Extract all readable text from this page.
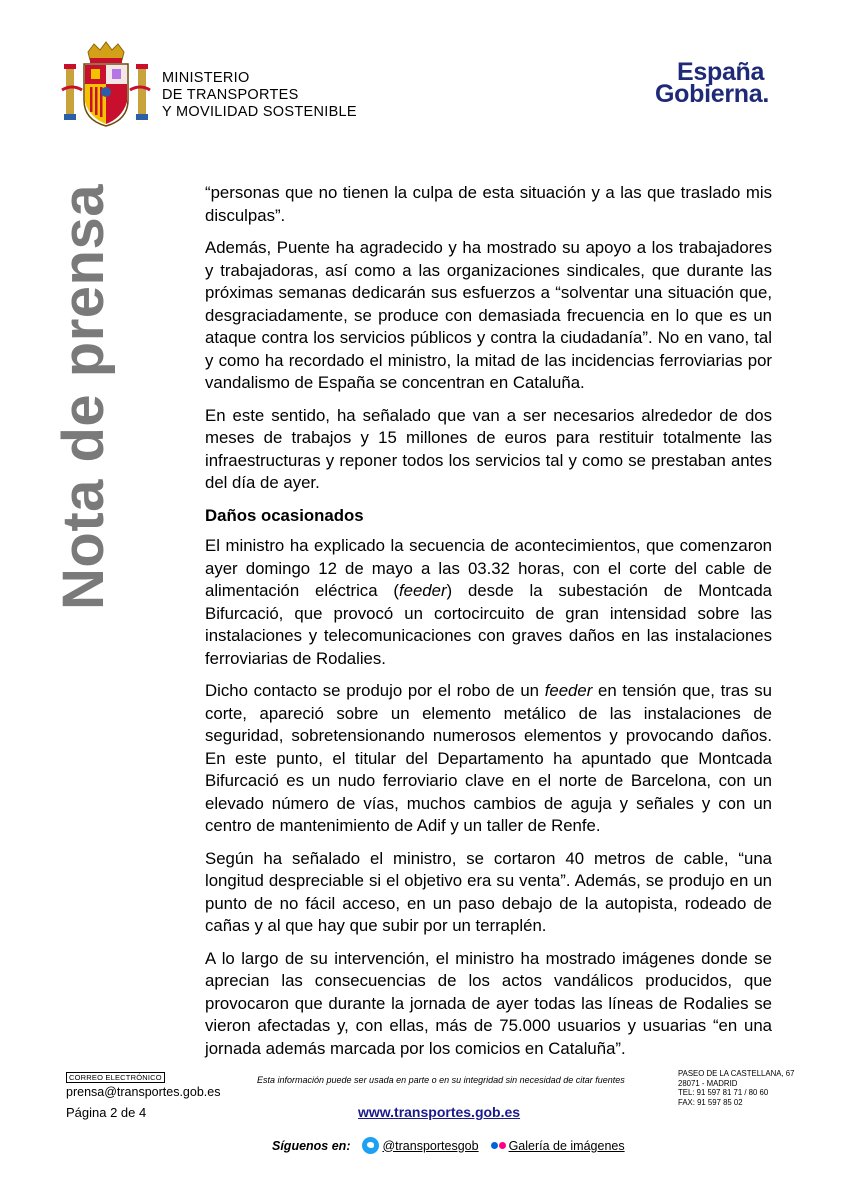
MINISTERIO
DE TRANSPORTES
Y MOVILIDAD SOSTENIBLE
España
Gobierna.
Nota de prensa	“personas que no tienen la culpa de esta situación y a las que traslado mis disculpas”.

Además, Puente ha agradecido y ha mostrado su apoyo a los trabajadores y trabajadoras, así como a las organizaciones sindicales, que durante las próximas semanas dedicarán sus esfuerzos a “solventar una situación que, desgraciadamente, se produce con demasiada frecuencia en lo que es un ataque contra los servicios públicos y contra la ciudadanía”. No en vano, tal y como ha recordado el ministro, la mitad de las incidencias ferroviarias por vandalismo de España se concentran en Cataluña.

En este sentido, ha señalado que van a ser necesarios alrededor de dos meses de trabajos y 15 millones de euros para restituir totalmente las infraestructuras y reponer todos los servicios tal y como se prestaban antes del día de ayer.

Daños ocasionados

El ministro ha explicado la secuencia de acontecimientos, que comenzaron ayer domingo 12 de mayo a las 03.32 horas, con el corte del cable de alimentación eléctrica (feeder) desde la subestación de Montcada Bifurcació, que provocó un cortocircuito de gran intensidad sobre las instalaciones y telecomunicaciones con graves daños en las instalaciones ferroviarias de Rodalies.

Dicho contacto se produjo por el robo de un feeder en tensión que, tras su corte, apareció sobre un elemento metálico de las instalaciones de seguridad, sobretensionando numerosos elementos y provocando daños. En este punto, el titular del Departamento ha apuntado que Montcada Bifurcació es un nudo ferroviario clave en el norte de Barcelona, con un elevado número de vías, muchos cambios de aguja y señales y con un centro de mantenimiento de Adif y un taller de Renfe.

Según ha señalado el ministro, se cortaron 40 metros de cable, “una longitud despreciable si el objetivo era su venta”. Además, se produjo en un punto de no fácil acceso, en un paso debajo de la autopista, rodeado de cañas y al que hay que subir por un terraplén.

A lo largo de su intervención, el ministro ha mostrado imágenes donde se aprecian las consecuencias de los actos vandálicos producidos, que provocaron que durante la jornada de ayer todas las líneas de Rodalies se vieron afectadas y, con ellas, más de 75.000 usuarios y usuarias “en una jornada además marcada por los comicios en Cataluña”.

CORREO ELECTRÓNICO
prensa@transportes.gob.es
Esta información puede ser usada en parte o en su integridad sin necesidad de citar fuentes
PASEO DE LA CASTELLANA, 67
28071 - MADRID
TEL: 91 597 81 71 / 80 60
FAX: 91 597 85 02
Página 2 de 4	www.transportes.gob.es
Síguenos en:	@transportesgob Galería de imágenes
